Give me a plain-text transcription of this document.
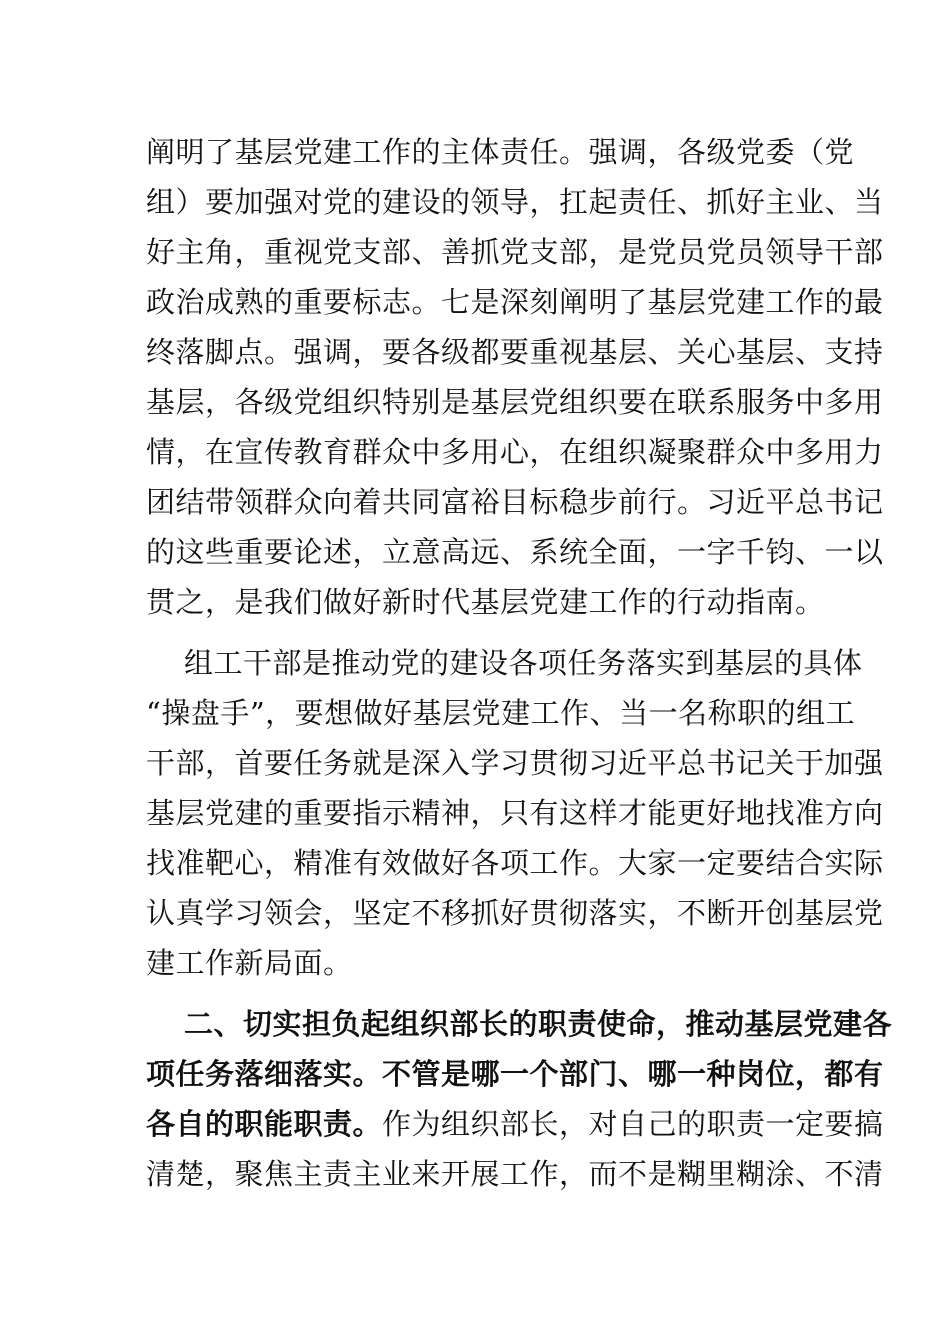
阐明了基层党建工作的主体责任。强调，各级党委（党
组）要加强对党的建设的领导，扛起责任、抓好主业、当
好主角，重视党支部、善抓党支部，是党员党员领导干部
政治成熟的重要标志。七是深刻阐明了基层党建工作的最
终落脚点。强调，要各级都要重视基层、关心基层、支持
基层，各级党组织特别是基层党组织要在联系服务中多用
情，在宣传教育群众中多用心，在组织凝聚群众中多用力
团结带领群众向着共同富裕目标稳步前行。习近平总书记
的这些重要论述，立意高远、系统全面，一字千钧、一以
贯之，是我们做好新时代基层党建工作的行动指南。
组工干部是推动党的建设各项任务落实到基层的具体
“操盘手”，要想做好基层党建工作、当一名称职的组工
干部，首要任务就是深入学习贯彻习近平总书记关于加强
基层党建的重要指示精神，只有这样才能更好地找准方向
找准靶心，精准有效做好各项工作。大家一定要结合实际
认真学习领会，坚定不移抓好贯彻落实，不断开创基层党
建工作新局面。
二、切实担负起组织部长的职责使命，推动基层党建各
项任务落细落实。不管是哪一个部门、哪一种岗位，都有
各自的职能职责。作为组织部长，对自己的职责一定要搞
清楚，聚焦主责主业来开展工作，而不是糊里糊涂、不清
